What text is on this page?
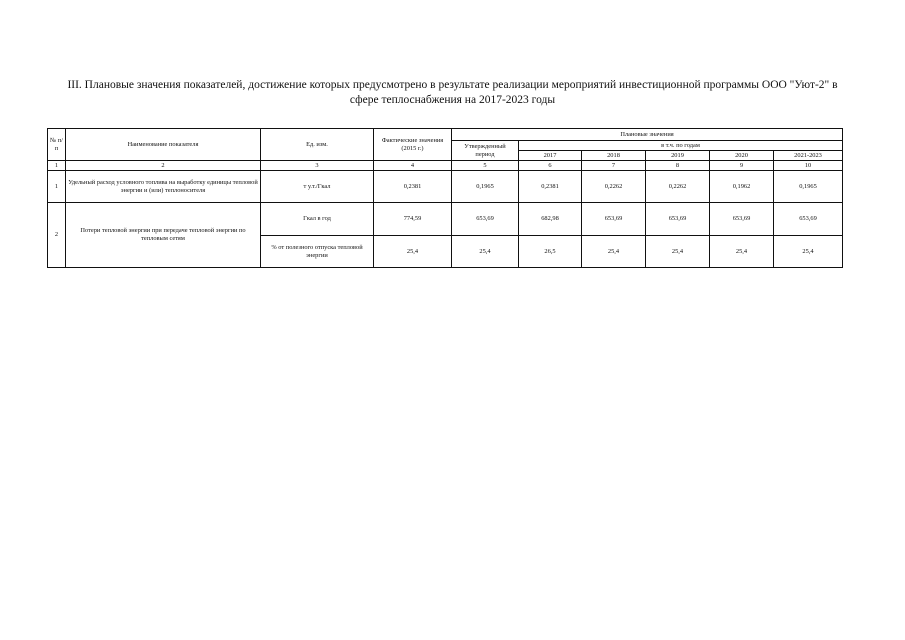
III. Плановые значения показателей, достижение которых предусмотрено в результате реализации мероприятий инвестиционной программы ООО "Уют-2" в
сфере теплоснабжения на 2017-2023 годы
№ п/п	Наименование показателя	Ед. изм.	Фактические значения (2015 г.)	Плановые значения					
				Утвержденный период	в т.ч. по годам				
					2017	2018	2019	2020	2021-2023
1	2	3	4	5	6	7	8	9	10
1	Удельный расход условного топлива на выработку единицы тепловой энергии и (или) теплоносителя	т у.т./Гкал	0,2381	0,1965	0,2381	0,2262	0,2262	0,1962	0,1965
2	Потери тепловой энергии при передаче тепловой энергии по тепловым сетям	Гкал в год	774,59	653,69	682,98	653,69	653,69	653,69	653,69
		% от полезного отпуска тепловой энергии	25,4	25,4	26,5	25,4	25,4	25,4	25,4
